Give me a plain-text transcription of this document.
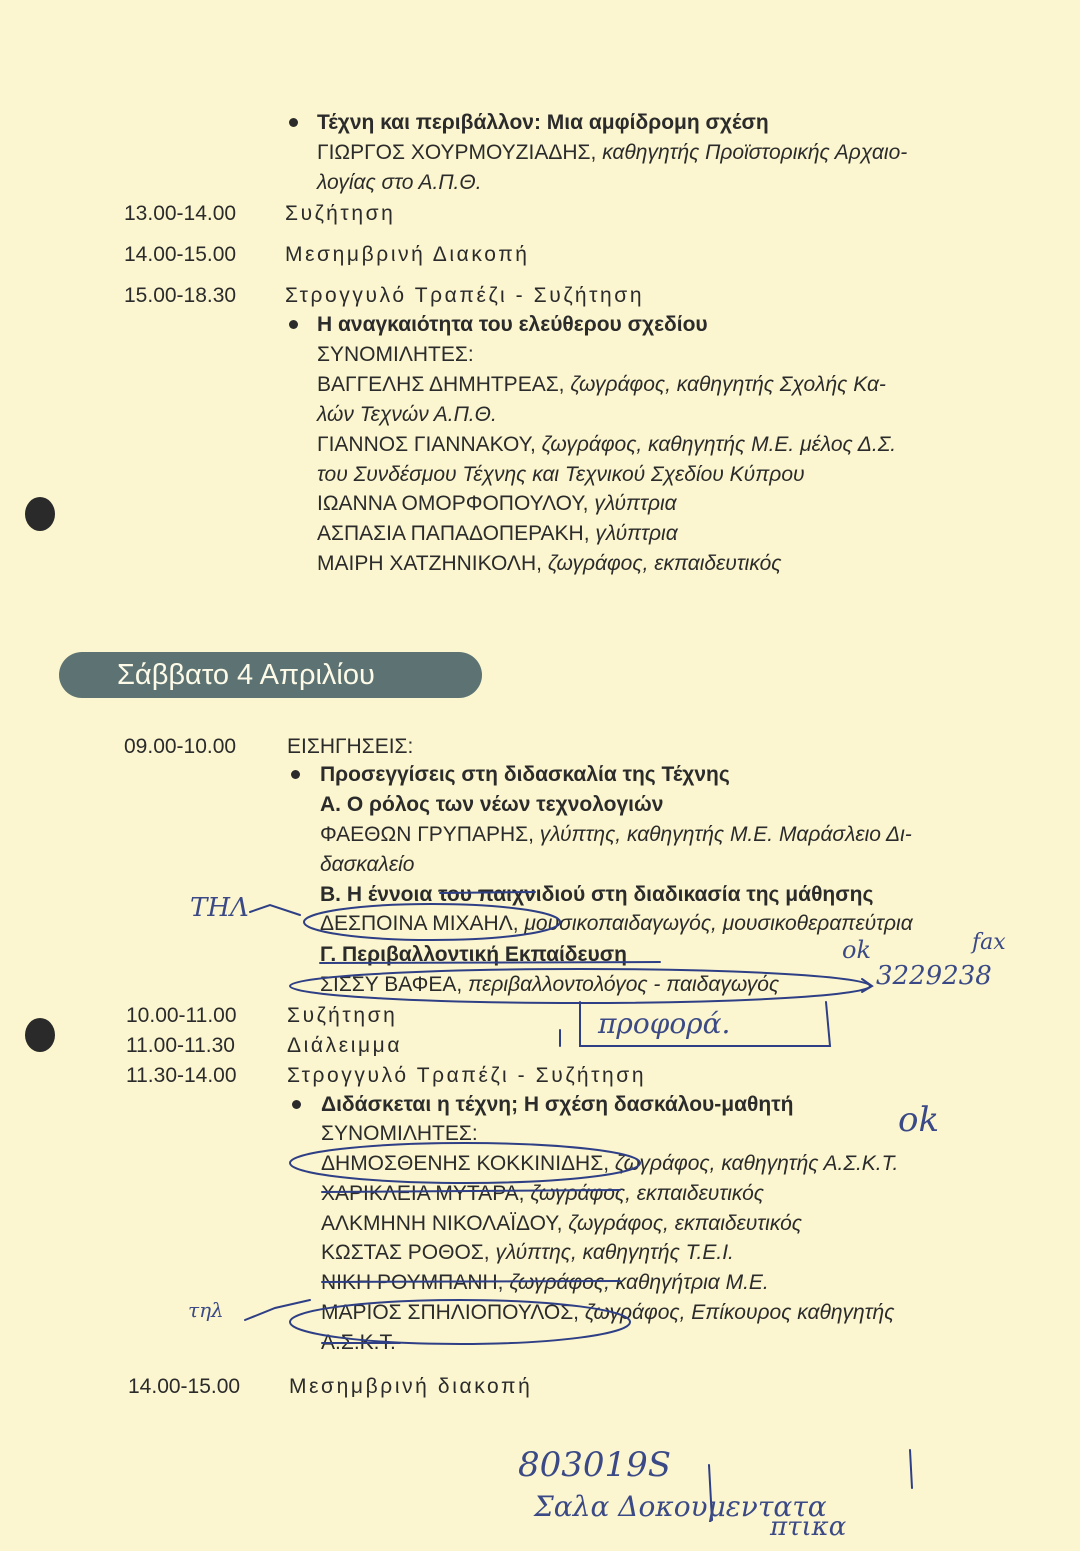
Τέχνη και περιβάλλον: Μια αμφίδρομη σχέση
ΓΙΩΡΓΟΣ ΧΟΥΡΜΟΥΖΙΑΔΗΣ, καθηγητής Προϊστορικής Αρχαιο-
λογίας στο Α.Π.Θ.
13.00-14.00 Συζήτηση
14.00-15.00 Μεσημβρινή Διακοπή
15.00-18.30 Στρογγυλό Τραπέζι - Συζήτηση
Η αναγκαιότητα του ελεύθερου σχεδίου
ΣΥΝΟΜΙΛΗΤΕΣ:
ΒΑΓΓΕΛΗΣ ΔΗΜΗΤΡΕΑΣ, ζωγράφος, καθηγητής Σχολής Κα-
λών Τεχνών Α.Π.Θ.
ΓΙΑΝΝΟΣ ΓΙΑΝΝΑΚΟΥ, ζωγράφος, καθηγητής Μ.Ε. μέλος Δ.Σ.
του Συνδέσμου Τέχνης και Τεχνικού Σχεδίου Κύπρου
ΙΩΑΝΝΑ ΟΜΟΡΦΟΠΟΥΛΟΥ, γλύπτρια
ΑΣΠΑΣΙΑ ΠΑΠΑΔΟΠΕΡΑΚΗ, γλύπτρια
ΜΑΙΡΗ ΧΑΤΖΗΝΙΚΟΛΗ, ζωγράφος, εκπαιδευτικός
Σάββατο 4 Απριλίου
09.00-10.00 ΕΙΣΗΓΗΣΕΙΣ:
Προσεγγίσεις στη διδασκαλία της Τέχνης
Α. Ο ρόλος των νέων τεχνολογιών
ΦΑΕΘΩΝ ΓΡΥΠΑΡΗΣ, γλύπτης, καθηγητής Μ.Ε. Μαράσλειο Δι-
δασκαλείο
Β. Η έννοια του παιχνιδιού στη διαδικασία της μάθησης
ΔΕΣΠΟΙΝΑ ΜΙΧΑΗΛ, μουσικοπαιδαγωγός, μουσικοθεραπεύτρια
Γ. Περιβαλλοντική Εκπαίδευση
ΣΙΣΣΥ ΒΑΦΕΑ, περιβαλλοντολόγος - παιδαγωγός
10.00-11.00 Συζήτηση
11.00-11.30 Διάλειμμα
11.30-14.00 Στρογγυλό Τραπέζι - Συζήτηση
Διδάσκεται η τέχνη; Η σχέση δασκάλου-μαθητή
ΣΥΝΟΜΙΛΗΤΕΣ:
ΔΗΜΟΣΘΕΝΗΣ ΚΟΚΚΙΝΙΔΗΣ, ζωγράφος, καθηγητής Α.Σ.Κ.Τ.
ΧΑΡΙΚΛΕΙΑ ΜΥΤΑΡΑ, ζωγράφος, εκπαιδευτικός
ΑΛΚΜΗΝΗ ΝΙΚΟΛΑΪΔΟΥ, ζωγράφος, εκπαιδευτικός
ΚΩΣΤΑΣ ΡΟΘΟΣ, γλύπτης, καθηγητής Τ.Ε.Ι.
ΝΙΚΗ ΡΟΥΜΠΑΝΗ, ζωγράφος, καθηγήτρια Μ.Ε.
ΜΑΡΙΟΣ ΣΠΗΛΙΟΠΟΥΛΟΣ, ζωγράφος, Επίκουρος καθηγητής
Α.Σ.Κ.Τ.
14.00-15.00 Μεσημβρινή διακοπή
ΤΗΛ
ok	fax
3229238
προφορά.
ok
τηλ
803019S
Σαλα Δοκουμεντατα
πτικα
